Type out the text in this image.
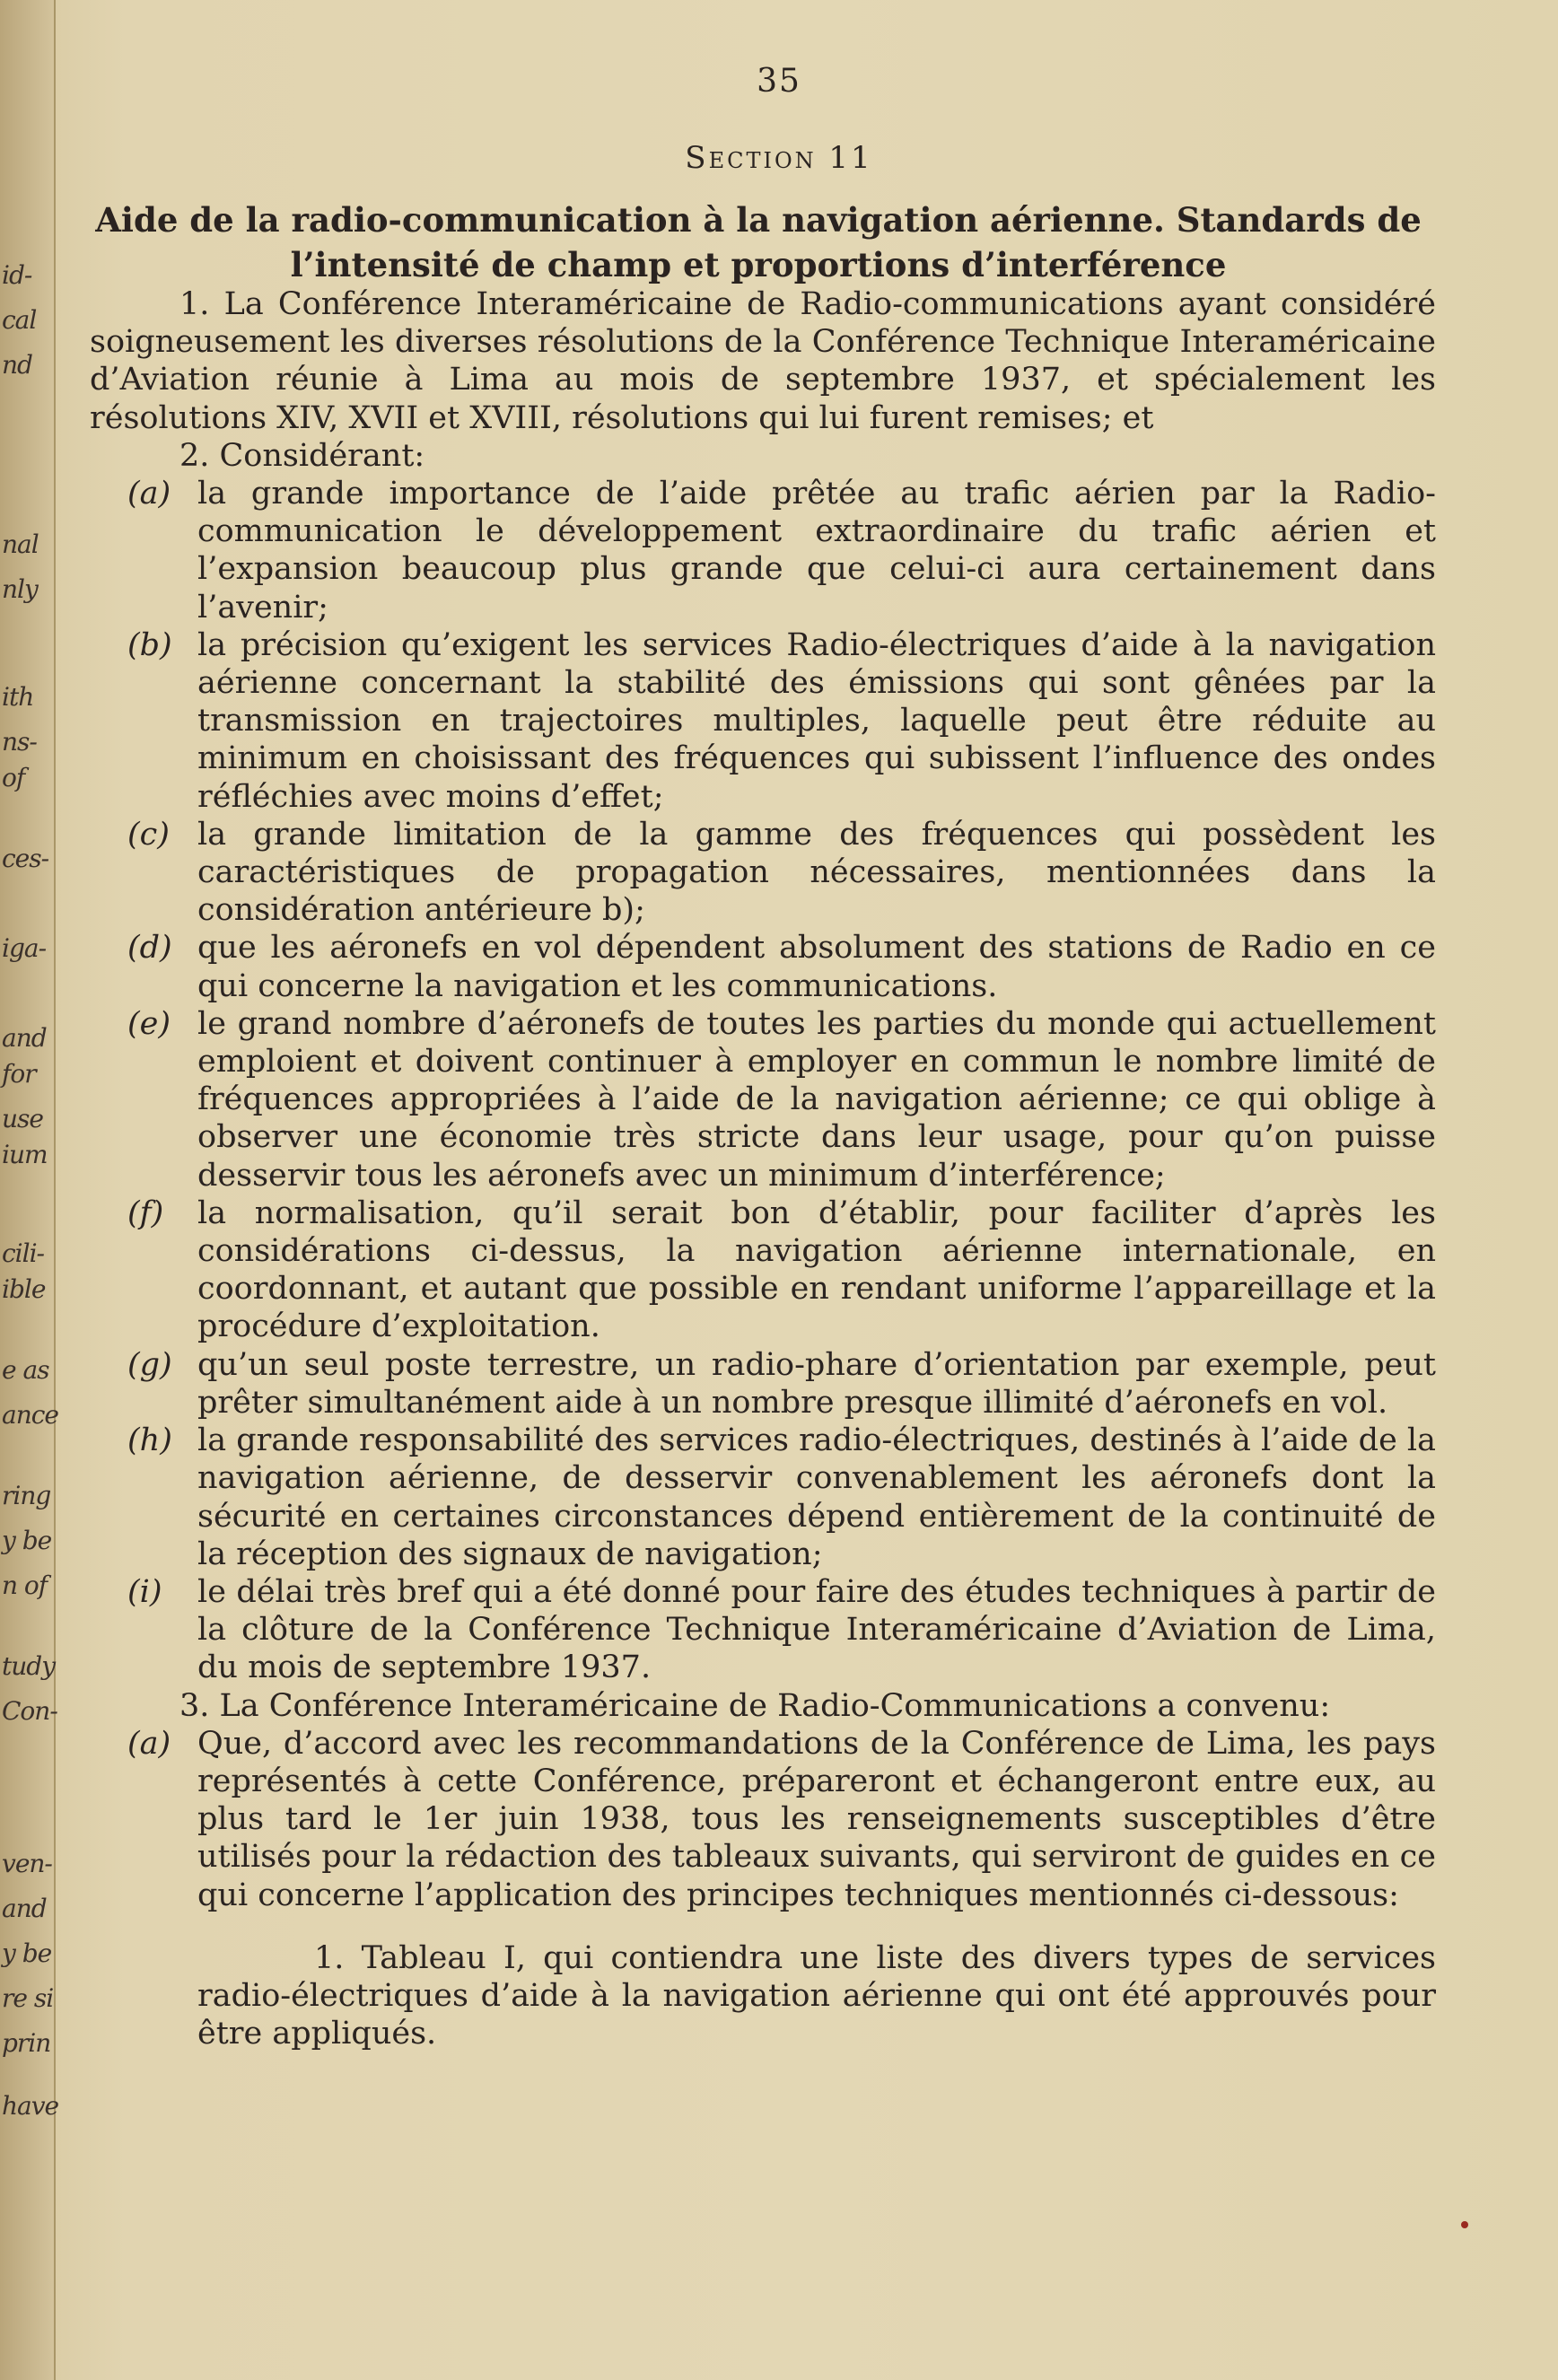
id-
cal
nd
nal
nly
ith
ns-
of
ces-
iga-
and
for
use
ium
cili-
ible
e as
ance
ring
y be
n of
tudy
Con-
ven-
and
y be
re si
prin
have
35
Section 11
Aide de la radio-communication à la navigation aérienne. Standards de l’intensité de champ et proportions d’interférence

1. La Conférence Interaméricaine de Radio-communications ayant considéré soigneusement les diverses résolutions de la Conférence Technique Interaméricaine d’Aviation réunie à Lima au mois de septembre 1937, et spécialement les résolutions XIV, XVII et XVIII, résolutions qui lui furent remises; et

2. Considérant:

(a) la grande importance de l’aide prêtée au trafic aérien par la Radio-communication le développement extraordinaire du trafic aérien et l’expansion beaucoup plus grande que celui-ci aura certainement dans l’avenir;

(b) la précision qu’exigent les services Radio-électriques d’aide à la navigation aérienne concernant la stabilité des émissions qui sont gênées par la transmission en trajectoires multiples, laquelle peut être réduite au minimum en choisissant des fréquences qui subissent l’influence des ondes réfléchies avec moins d’effet;

(c) la grande limitation de la gamme des fréquences qui possèdent les caractéristiques de propagation nécessaires, mentionnées dans la considération antérieure b);

(d) que les aéronefs en vol dépendent absolument des stations de Radio en ce qui concerne la navigation et les communications.

(e) le grand nombre d’aéronefs de toutes les parties du monde qui actuellement emploient et doivent continuer à employer en commun le nombre limité de fréquences appropriées à l’aide de la navigation aérienne; ce qui oblige à observer une économie très stricte dans leur usage, pour qu’on puisse desservir tous les aéronefs avec un minimum d’interférence;

(f)	la normalisation, qu’il serait bon d’établir, pour faciliter d’après les considérations ci-dessus, la navigation aérienne internationale, en coordonnant, et autant que possible en rendant uniforme l’appareillage et la procédure d’exploitation.

(g) qu’un seul poste terrestre, un radio-phare d’orientation par exemple, peut prêter simultanément aide à un nombre presque illimité d’aéronefs en vol.

(h) la grande responsabilité des services radio-électriques, destinés à l’aide de la navigation aérienne, de desservir convenablement les aéronefs dont la sécurité en certaines circonstances dépend entièrement de la continuité de la réception des signaux de navigation;

(i)	le délai très bref qui a été donné pour faire des études techniques à partir de la clôture de la Conférence Technique Interaméricaine d’Aviation de Lima, du mois de septembre 1937.

3. La Conférence Interaméricaine de Radio-Communications a convenu:

(a) Que, d’accord avec les recommandations de la Conférence de Lima, les pays représentés à cette Conférence, prépareront et échangeront entre eux, au plus tard le 1er juin 1938, tous les renseignements susceptibles d’être utilisés pour la rédaction des tableaux suivants, qui serviront de guides en ce qui concerne l’application des principes techniques mentionnés ci-dessous:

1. Tableau I, qui contiendra une liste des divers types de services radio-électriques d’aide à la navigation aérienne qui ont été approuvés pour être appliqués.
